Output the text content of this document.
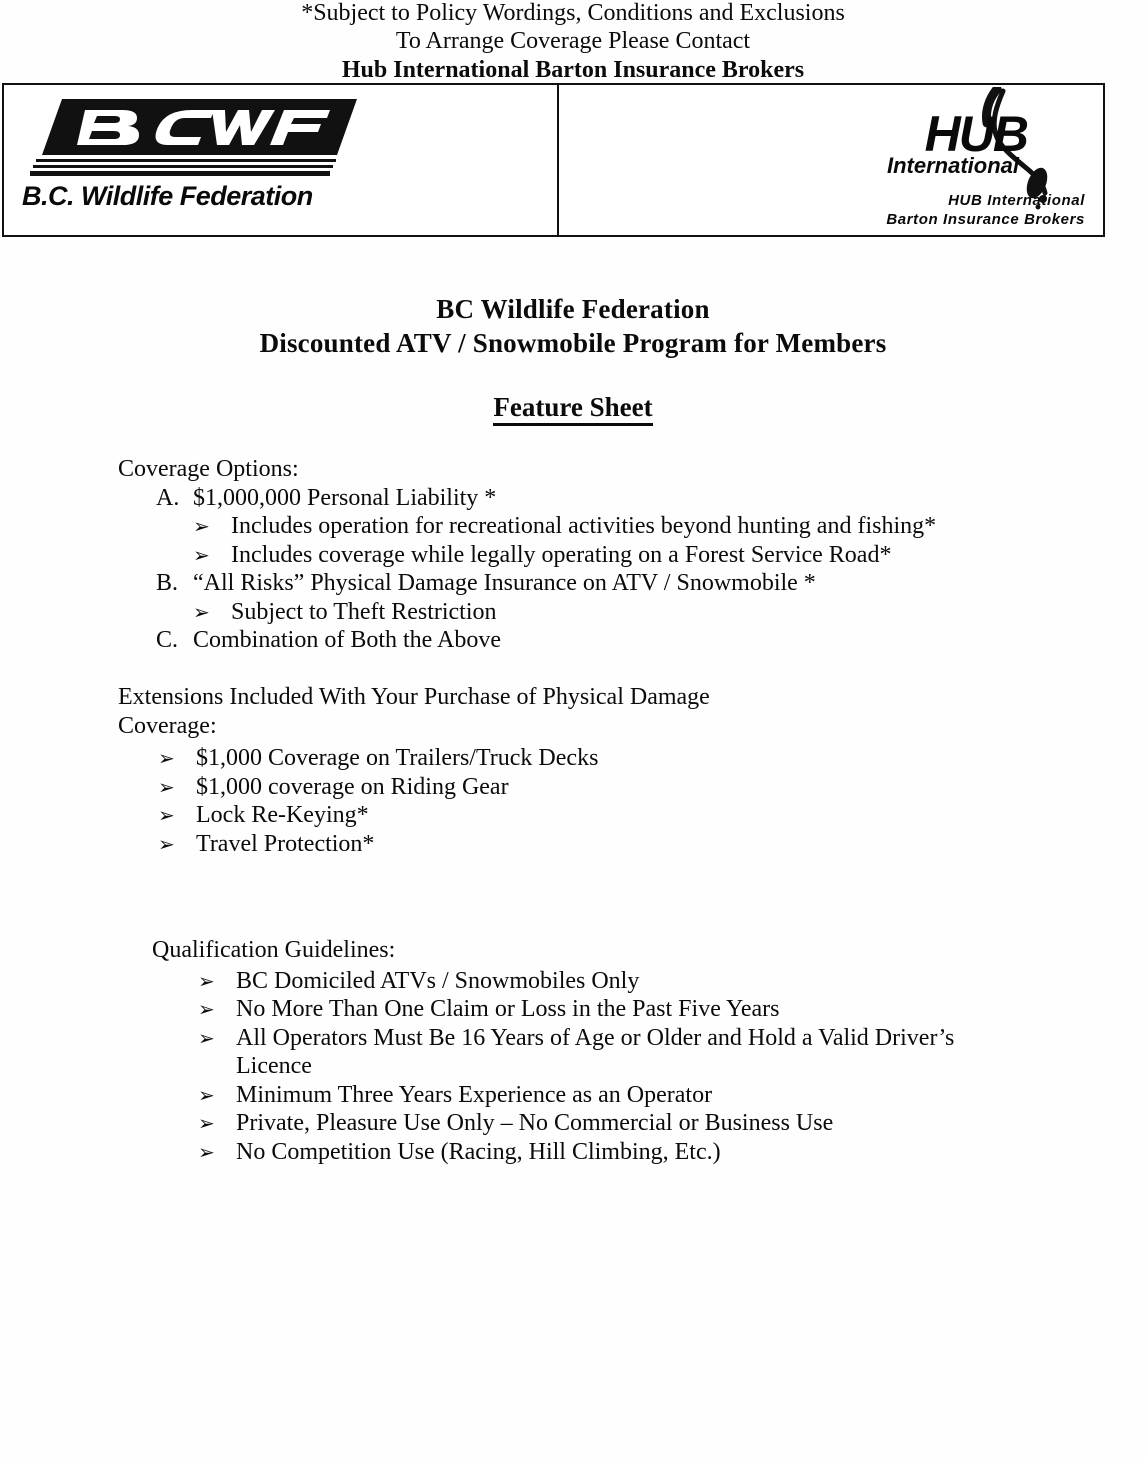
B.C. Wildlife Federation
HUB
International
HUB International
Barton Insurance Brokers
BC Wildlife Federation
Discounted ATV / Snowmobile Program for Members
Feature Sheet
Coverage Options:
A. $1,000,000 Personal Liability *
➢ Includes operation for recreational activities beyond hunting and fishing*
➢ Includes coverage while legally operating on a Forest Service Road*
B. “All Risks” Physical Damage Insurance on ATV / Snowmobile *
➢ Subject to Theft Restriction
C. Combination of Both the Above
Extensions Included With Your Purchase of Physical Damage
Coverage:
➢ $1,000 Coverage on Trailers/Truck Decks
➢ $1,000 coverage on Riding Gear
➢ Lock Re-Keying*
➢ Travel Protection*
*Subject to Policy Wordings, Conditions and Exclusions
Qualification Guidelines:
➢ BC Domiciled ATVs / Snowmobiles Only
➢ No More Than One Claim or Loss in the Past Five Years
➢ All Operators Must Be 16 Years of Age or Older and Hold a Valid Driver’s Licence
➢ Minimum Three Years Experience as an Operator
➢ Private, Pleasure Use Only – No Commercial or Business Use
➢ No Competition Use (Racing, Hill Climbing, Etc.)
To Arrange Coverage Please Contact
Hub International Barton Insurance Brokers
